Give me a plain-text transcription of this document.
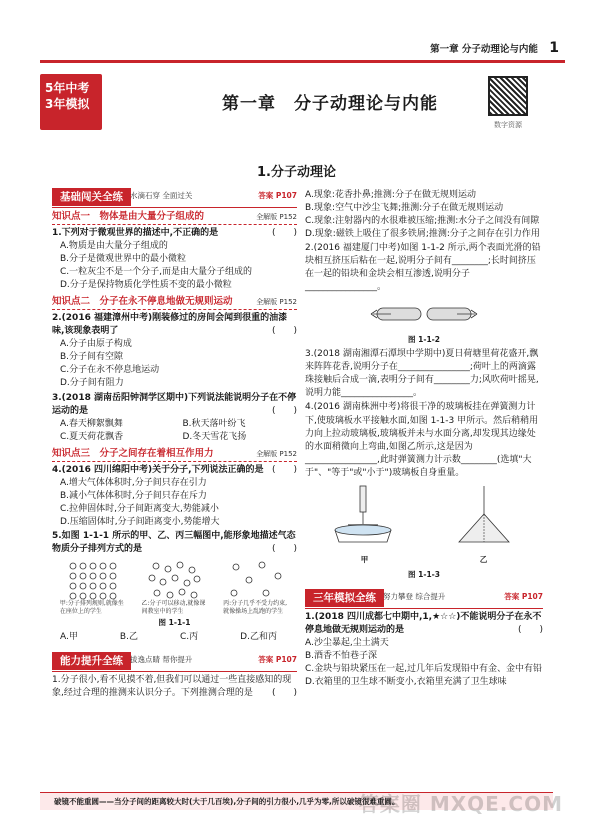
第一章 分子动理论与内能 1
5年中考
3年模拟	第一章　分子动理论与内能
数字资源
1.分子动理论
基础闯关全练 水滴石穿 全面过关	答案 P107
知识点一　物体是由大量分子组成的	全解版 P152
(　　)
1.下列对于微观世界的描述中,不正确的是
A.物质是由大量分子组成的
B.分子是微观世界中的最小微粒
C.一粒灰尘不是一个分子,而是由大量分子组成的
D.分子是保持物质化学性质不变的最小微粒
知识点二　分子在永不停息地做无规则运动	全解版 P152
2.(2016 福建漳州中考)刚装修过的房间会闻到很重的油漆味,该现象表明了	(　　)
A.分子由原子构成
B.分子间有空隙
C.分子在永不停息地运动
D.分子间有阻力
3.(2018 湖南岳阳钟洞学区期中)下列说法能说明分子在不停运动的是	(　　)
A.春天柳絮飘舞	B.秋天落叶纷飞
C.夏天荷花飘香	D.冬天雪花飞扬
知识点三　分子之间存在着相互作用力	全解版 P152
(　　)
4.(2016 四川绵阳中考)关于分子,下列说法正确的是
A.增大气体体积时,分子间只存在引力
B.减小气体体积时,分子间只存在斥力
C.拉伸固体时,分子间距离变大,势能减小
D.压缩固体时,分子间距离变小,势能增大
5.如图 1-1-1 所示的甲、乙、丙三幅图中,能形象地描述气态物质分子排列方式的是	(　　)
甲:分子排列规则,就像坐在座位上的学生
乙:分子可以移动,就像课间教室中的学生
丙:分子几乎不受力约束,就像操场上乱跑的学生
图 1-1-1
A.甲	B.乙	C.丙	D.乙和丙
能力提升全练 拔逸点睛 帮你提升	答案 P107
1.分子很小,看不见摸不着,但我们可以通过一些直接感知的现象,经过合理的推测来认识分子。下列推测合理的是 (　　)
A.现象:花香扑鼻;推测:分子在做无规则运动
B.现象:空气中沙尘飞舞;推测:分子在做无规则运动
C.现象:注射器内的水很难被压缩;推测:水分子之间没有间隙
D.现象:磁铁上吸住了很多铁屑;推测:分子之间存在引力作用
2.(2016 福建厦门中考)如图 1-1-2 所示,两个表面光滑的铅块相互挤压后粘在一起,说明分子间有________;长时间挤压在一起的铅块和金块会相互渗透,说明分子________________。
图 1-1-2
3.(2018 湖南湘潭石潭坝中学期中)夏日荷塘里荷花盛开,飘来阵阵花香,说明分子在________________;荷叶上的两滴露珠接触后合成一滴,表明分子间有________力;风吹荷叶摇晃,说明力能________________。
4.(2016 湖南株洲中考)将很干净的玻璃板挂在弹簧测力计下,使玻璃板水平接触水面,如图 1-1-3 甲所示。然后稍稍用力向上拉动玻璃板,玻璃板并未与水面分离,却发现其边缘处的水面稍微向上弯曲,如图乙所示,这是因为________________,此时弹簧测力计示数________(选填"大于"、"等于"或"小于")玻璃板自身重量。
甲	乙
图 1-1-3
三年模拟全练 努力攀登 综合提升	答案 P107
1.(2018 四川成都七中期中,1,★☆☆)不能说明分子在永不停息地做无规则运动的是	(　　)
A.沙尘暴起,尘土满天
B.酒香不怕巷子深
C.金块与铅块紧压在一起,过几年后发现铅中有金、金中有铅
D.衣箱里的卫生球不断变小,衣箱里充满了卫生球味
破镜不能重圆——当分子间的距离较大时(大于几百埃),分子间的引力很小,几乎为零,所以破镜很难重圆。
答案圈 MXQE.COM
